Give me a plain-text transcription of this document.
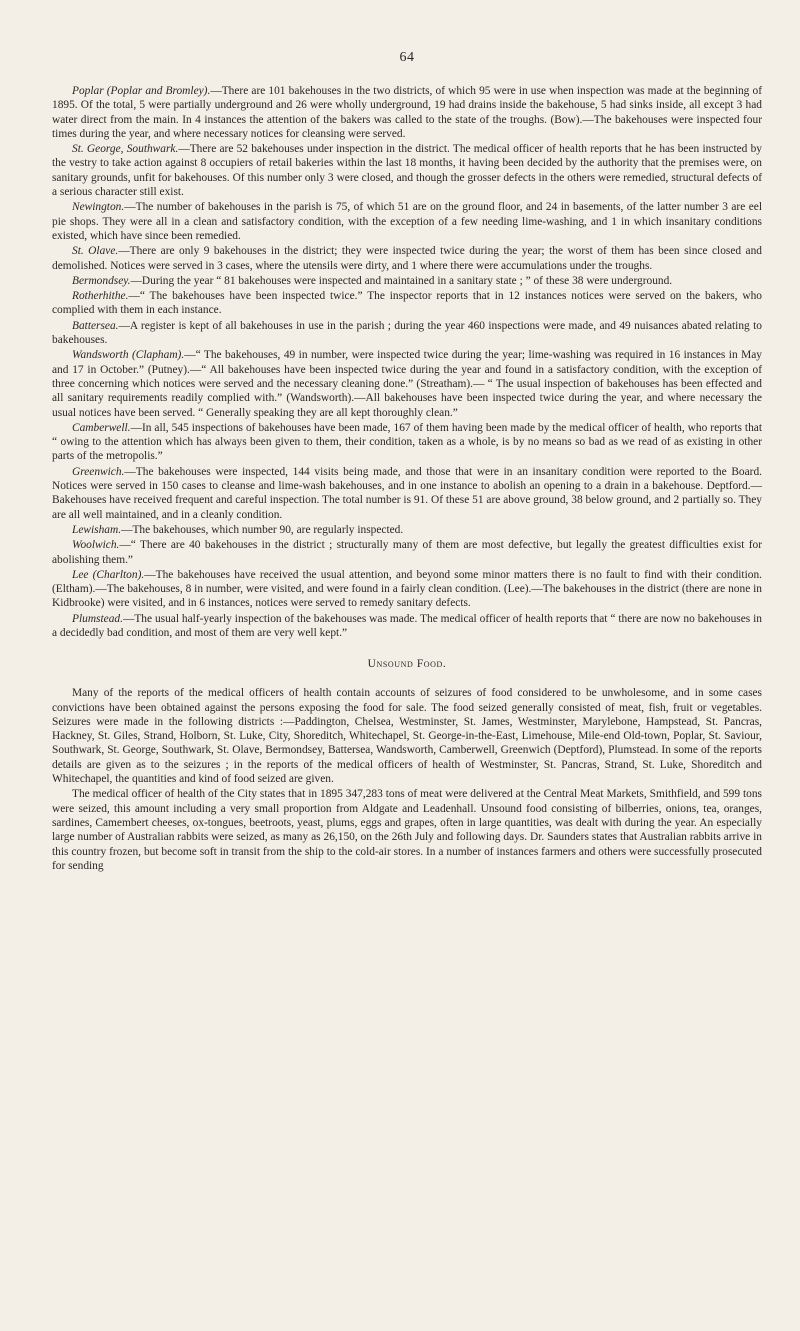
64

Poplar (Poplar and Bromley).—There are 101 bakehouses in the two districts, of which 95 were in use when inspection was made at the beginning of 1895. Of the total, 5 were partially underground and 26 were wholly underground, 19 had drains inside the bakehouse, 5 had sinks inside, all except 3 had water direct from the main. In 4 instances the attention of the bakers was called to the state of the troughs. (Bow).—The bakehouses were inspected four times during the year, and where necessary notices for cleansing were served.

St. George, Southwark.—There are 52 bakehouses under inspection in the district. The medical officer of health reports that he has been instructed by the vestry to take action against 8 occupiers of retail bakeries within the last 18 months, it having been decided by the authority that the premises were, on sanitary grounds, unfit for bakehouses. Of this number only 3 were closed, and though the grosser defects in the others were remedied, structural defects of a serious character still exist.

Newington.—The number of bakehouses in the parish is 75, of which 51 are on the ground floor, and 24 in basements, of the latter number 3 are eel pie shops. They were all in a clean and satisfactory condition, with the exception of a few needing lime-washing, and 1 in which insanitary conditions existed, which have since been remedied.

St. Olave.—There are only 9 bakehouses in the district; they were inspected twice during the year; the worst of them has been since closed and demolished. Notices were served in 3 cases, where the utensils were dirty, and 1 where there were accumulations under the troughs.

Bermondsey.—During the year “ 81 bakehouses were inspected and maintained in a sanitary state ; ” of these 38 were underground.

Rotherhithe.—“ The bakehouses have been inspected twice.” The inspector reports that in 12 instances notices were served on the bakers, who complied with them in each instance.

Battersea.—A register is kept of all bakehouses in use in the parish ; during the year 460 inspections were made, and 49 nuisances abated relating to bakehouses.

Wandsworth (Clapham).—“ The bakehouses, 49 in number, were inspected twice during the year; lime-washing was required in 16 instances in May and 17 in October.” (Putney).—“ All bakehouses have been inspected twice during the year and found in a satisfactory condition, with the exception of three concerning which notices were served and the necessary cleaning done.” (Streatham).— “ The usual inspection of bakehouses has been effected and all sanitary requirements readily complied with.” (Wandsworth).—All bakehouses have been inspected twice during the year, and where necessary the usual notices have been served. “ Generally speaking they are all kept thoroughly clean.”

Camberwell.—In all, 545 inspections of bakehouses have been made, 167 of them having been made by the medical officer of health, who reports that “ owing to the attention which has always been given to them, their condition, taken as a whole, is by no means so bad as we read of as existing in other parts of the metropolis.”

Greenwich.—The bakehouses were inspected, 144 visits being made, and those that were in an insanitary condition were reported to the Board. Notices were served in 150 cases to cleanse and lime-wash bakehouses, and in one instance to abolish an opening to a drain in a bakehouse. Deptford.— Bakehouses have received frequent and careful inspection. The total number is 91. Of these 51 are above ground, 38 below ground, and 2 partially so. They are all well maintained, and in a cleanly condition.

Lewisham.—The bakehouses, which number 90, are regularly inspected.

Woolwich.—“ There are 40 bakehouses in the district ; structurally many of them are most defective, but legally the greatest difficulties exist for abolishing them.”

Lee (Charlton).—The bakehouses have received the usual attention, and beyond some minor matters there is no fault to find with their condition. (Eltham).—The bakehouses, 8 in number, were visited, and were found in a fairly clean condition. (Lee).—The bakehouses in the district (there are none in Kidbrooke) were visited, and in 6 instances, notices were served to remedy sanitary defects.

Plumstead.—The usual half-yearly inspection of the bakehouses was made. The medical officer of health reports that “ there are now no bakehouses in a decidedly bad condition, and most of them are very well kept.”

Unsound Food.

Many of the reports of the medical officers of health contain accounts of seizures of food considered to be unwholesome, and in some cases convictions have been obtained against the persons exposing the food for sale. The food seized generally consisted of meat, fish, fruit or vegetables. Seizures were made in the following districts :—Paddington, Chelsea, Westminster, St. James, Westminster, Marylebone, Hampstead, St. Pancras, Hackney, St. Giles, Strand, Holborn, St. Luke, City, Shoreditch, Whitechapel, St. George-in-the-East, Limehouse, Mile-end Old-town, Poplar, St. Saviour, Southwark, St. George, Southwark, St. Olave, Bermondsey, Battersea, Wandsworth, Camberwell, Greenwich (Deptford), Plumstead. In some of the reports details are given as to the seizures ; in the reports of the medical officers of health of Westminster, St. Pancras, Strand, St. Luke, Shoreditch and Whitechapel, the quantities and kind of food seized are given.

The medical officer of health of the City states that in 1895 347,283 tons of meat were delivered at the Central Meat Markets, Smithfield, and 599 tons were seized, this amount including a very small proportion from Aldgate and Leadenhall. Unsound food consisting of bilberries, onions, tea, oranges, sardines, Camembert cheeses, ox-tongues, beetroots, yeast, plums, eggs and grapes, often in large quantities, was dealt with during the year. An especially large number of Australian rabbits were seized, as many as 26,150, on the 26th July and following days. Dr. Saunders states that Australian rabbits arrive in this country frozen, but become soft in transit from the ship to the cold-air stores. In a number of instances farmers and others were successfully prosecuted for sending
